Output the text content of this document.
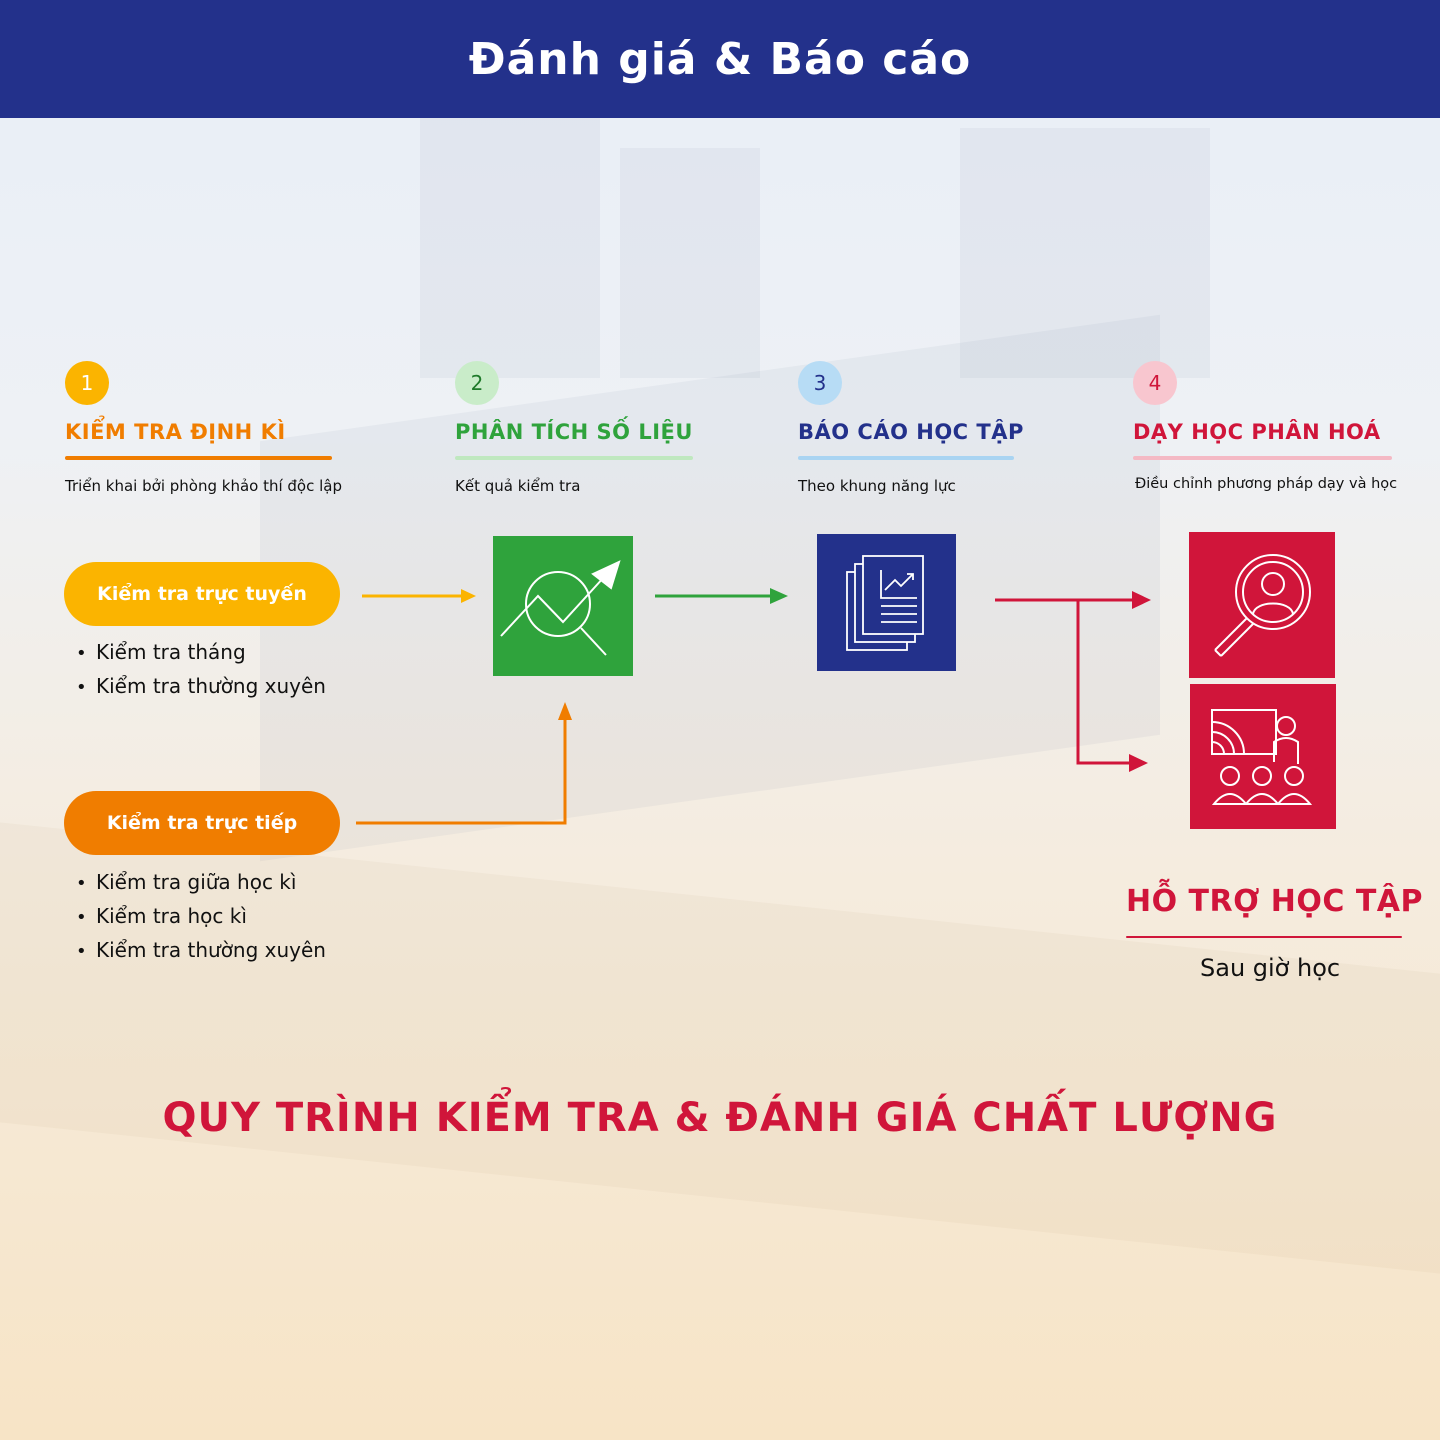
Đánh giá & Báo cáo
1
KIỂM TRA ĐỊNH KÌ
Triển khai bởi phòng khảo thí độc lập
2
PHÂN TÍCH SỐ LIỆU
Kết quả kiểm tra
3
BÁO CÁO HỌC TẬP
Theo khung năng lực
4
DẠY HỌC PHÂN HOÁ
Điều chỉnh phương pháp dạy và học
Kiểm tra trực tuyến
• Kiểm tra tháng
• Kiểm tra thường xuyên
Kiểm tra trực tiếp
• Kiểm tra giữa học kì
• Kiểm tra học kì
• Kiểm tra thường xuyên
HỖ TRỢ HỌC TẬP
Sau giờ học
QUY TRÌNH KIỂM TRA & ĐÁNH GIÁ CHẤT LƯỢNG
